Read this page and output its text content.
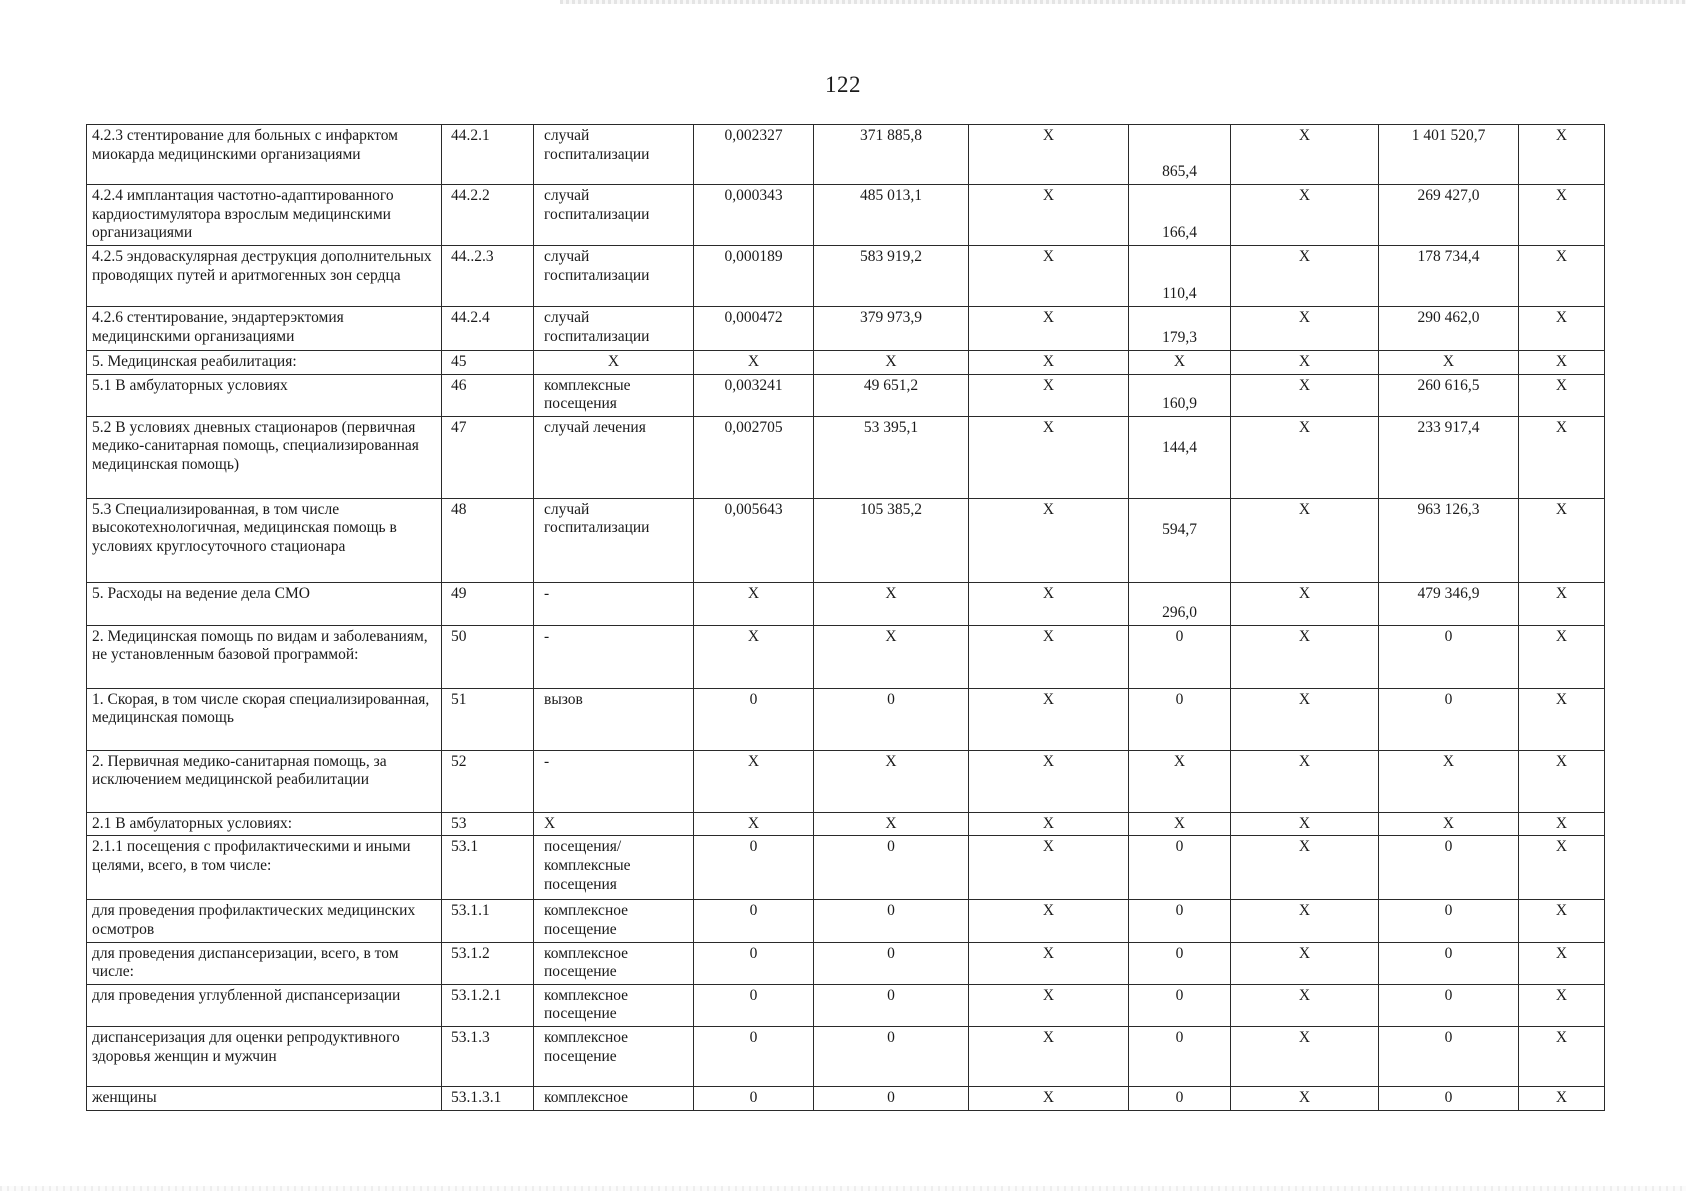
122
4.2.3 стентирование для больных с инфарктом миокарда медицинскими организациями	44.2.1	случай госпитализации	0,002327	371 885,8	Х	865,4	Х	1 401 520,7	Х
4.2.4 имплантация частотно-адаптированного кардиостимулятора взрослым медицинскими организациями	44.2.2	случай госпитализации	0,000343	485 013,1	Х	166,4	Х	269 427,0	Х
4.2.5 эндоваскулярная деструкция дополнительных проводящих путей и аритмогенных зон сердца	44..2.3	случай госпитализации	0,000189	583 919,2	Х	110,4	Х	178 734,4	Х
4.2.6 стентирование, эндартерэктомия медицинскими организациями	44.2.4	случай госпитализации	0,000472	379 973,9	Х	179,3	Х	290 462,0	Х
5. Медицинская реабилитация:	45	Х	Х	Х	Х	Х	Х	Х	Х
5.1 В амбулаторных условиях	46	комплексные посещения	0,003241	49 651,2	Х	160,9	Х	260 616,5	Х
5.2 В условиях дневных стационаров (первичная медико-санитарная помощь, специализированная медицинская помощь)	47	случай лечения	0,002705	53 395,1	Х	144,4	Х	233 917,4	Х
5.3 Специализированная, в том числе высокотехнологичная, медицинская помощь в условиях круглосуточного стационара	48	случай госпитализации	0,005643	105 385,2	Х	594,7	Х	963 126,3	Х
5. Расходы на ведение дела СМО	49	-	Х	Х	Х	296,0	Х	479 346,9	Х
2. Медицинская помощь по видам и заболеваниям, не установленным базовой программой:	50	-	Х	Х	Х	0	Х	0	Х
1. Скорая, в том числе скорая специализированная, медицинская помощь	51	вызов	0	0	Х	0	Х	0	Х
2. Первичная медико-санитарная помощь, за исключением медицинской реабилитации	52	-	Х	Х	Х	Х	Х	Х	Х
2.1 В амбулаторных условиях:	53	Х	Х	Х	Х	Х	Х	Х	Х
2.1.1 посещения с профилактическими и иными целями, всего, в том числе:	53.1	посещения/комплексные посещения	0	0	Х	0	Х	0	Х
для проведения профилактических медицинских осмотров	53.1.1	комплексное посещение	0	0	Х	0	Х	0	Х
для проведения диспансеризации, всего, в том числе:	53.1.2	комплексное посещение	0	0	Х	0	Х	0	Х
для проведения углубленной диспансеризации	53.1.2.1	комплексное посещение	0	0	Х	0	Х	0	Х
диспансеризация для оценки репродуктивного здоровья женщин и мужчин	53.1.3	комплексное посещение	0	0	Х	0	Х	0	Х
женщины	53.1.3.1	комплексное	0	0	Х	0	Х	0	Х
